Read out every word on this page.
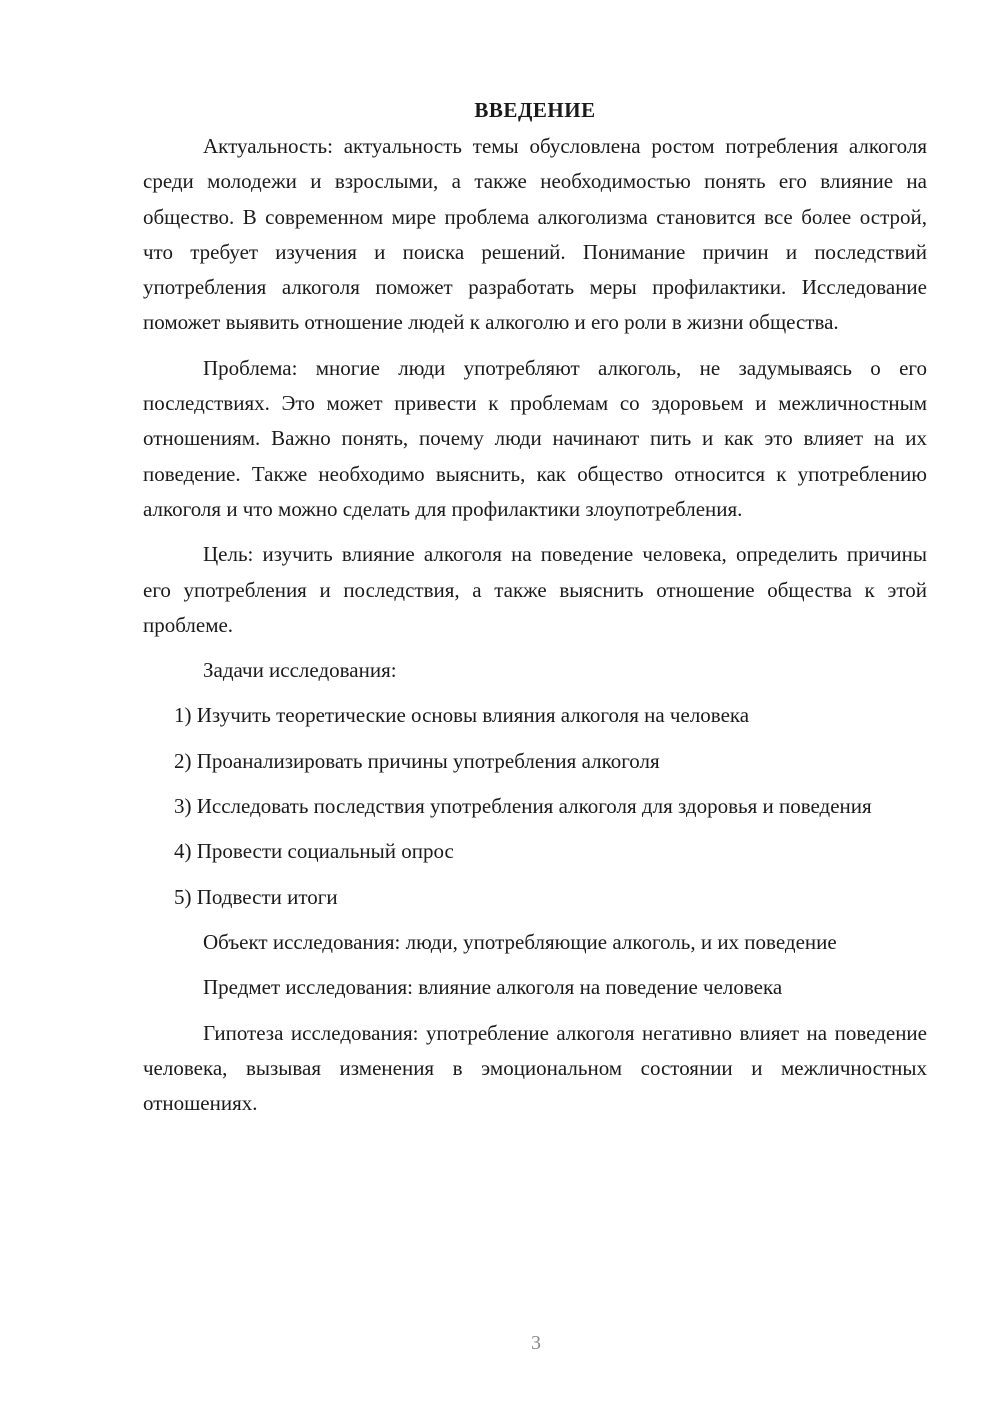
ВВЕДЕНИЕ

Актуальность: актуальность темы обусловлена ростом потребления алкоголя среди молодежи и взрослыми, а также необходимостью понять его влияние на общество. В современном мире проблема алкоголизма становится все более острой, что требует изучения и поиска решений. Понимание причин и последствий употребления алкоголя поможет разработать меры профилактики. Исследование поможет выявить отношение людей к алкоголю и его роли в жизни общества.

Проблема: многие люди употребляют алкоголь, не задумываясь о его последствиях. Это может привести к проблемам со здоровьем и межличностным отношениям. Важно понять, почему люди начинают пить и как это влияет на их поведение. Также необходимо выяснить, как общество относится к употреблению алкоголя и что можно сделать для профилактики злоупотребления.

Цель: изучить влияние алкоголя на поведение человека, определить причины его употребления и последствия, а также выяснить отношение общества к этой проблеме.

Задачи исследования:

1) Изучить теоретические основы влияния алкоголя на человека

2) Проанализировать причины употребления алкоголя

3) Исследовать последствия употребления алкоголя для здоровья и поведения

4) Провести социальный опрос

5) Подвести итоги

Объект исследования: люди, употребляющие алкоголь, и их поведение

Предмет исследования: влияние алкоголя на поведение человека

Гипотеза исследования: употребление алкоголя негативно влияет на поведение человека, вызывая изменения в эмоциональном состоянии и межличностных отношениях.

3
